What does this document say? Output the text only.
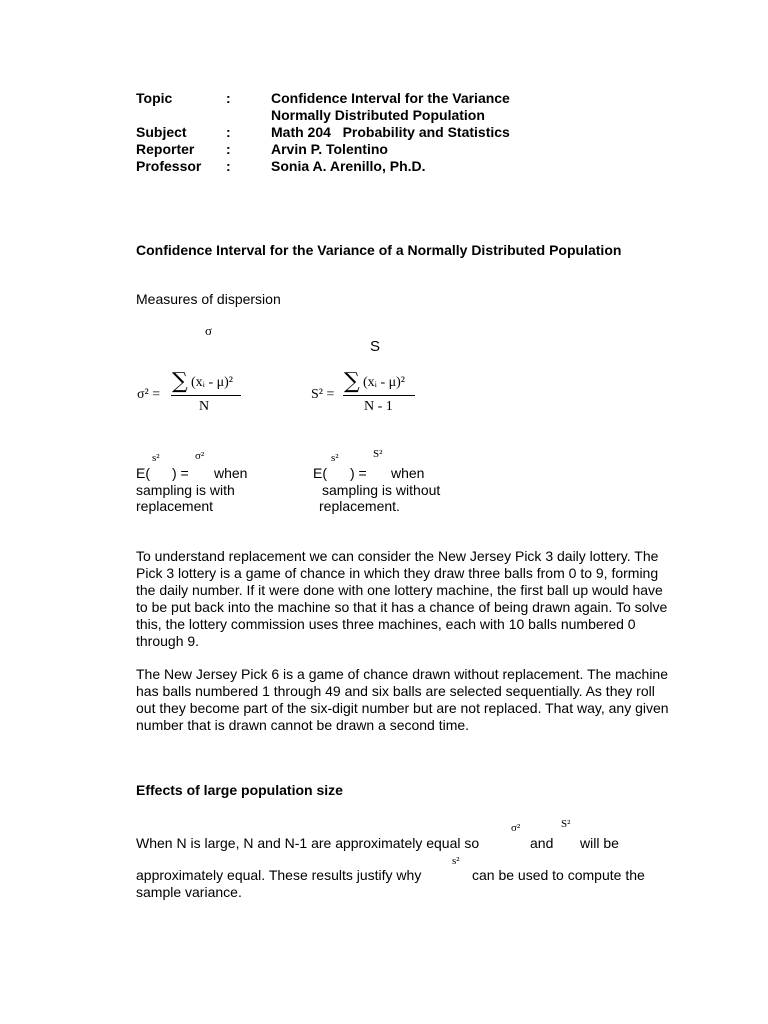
Topic	:	Confidence Interval for the Variance
Normally Distributed Population
Subject	:	Math 204   Probability and Statistics
Reporter :	Arvin P. Tolentino
Professor :	Sonia A. Arenillo, Ph.D.
Confidence Interval for the Variance of a Normally Distributed Population
Measures of dispersion
σ
S
σ² =
∑ (xᵢ - μ)²
N
S² =
∑ (xᵢ - μ)²
N - 1
s²	σ²
E( ) = when
sampling is with
replacement
s²	S²
E( ) = when
sampling is without
replacement.
To understand replacement we can consider the New Jersey Pick 3 daily lottery. The Pick 3 lottery is a game of chance in which they draw three balls from 0 to 9, forming the daily number. If it were done with one lottery machine, the first ball up would have to be put back into the machine so that it has a chance of being drawn again. To solve this, the lottery commission uses three machines, each with 10 balls numbered 0 through 9.
The New Jersey Pick 6 is a game of chance drawn without replacement. The machine has balls numbered 1 through 49 and six balls are selected sequentially. As they roll out they become part of the six-digit number but are not replaced. That way, any given number that is drawn cannot be drawn a second time.
Effects of large population size
When N is large, N and N-1 are approximately equal so
σ²
and
S²
will be
approximately equal. These results justify why
s²
can be used to compute the
sample variance.
